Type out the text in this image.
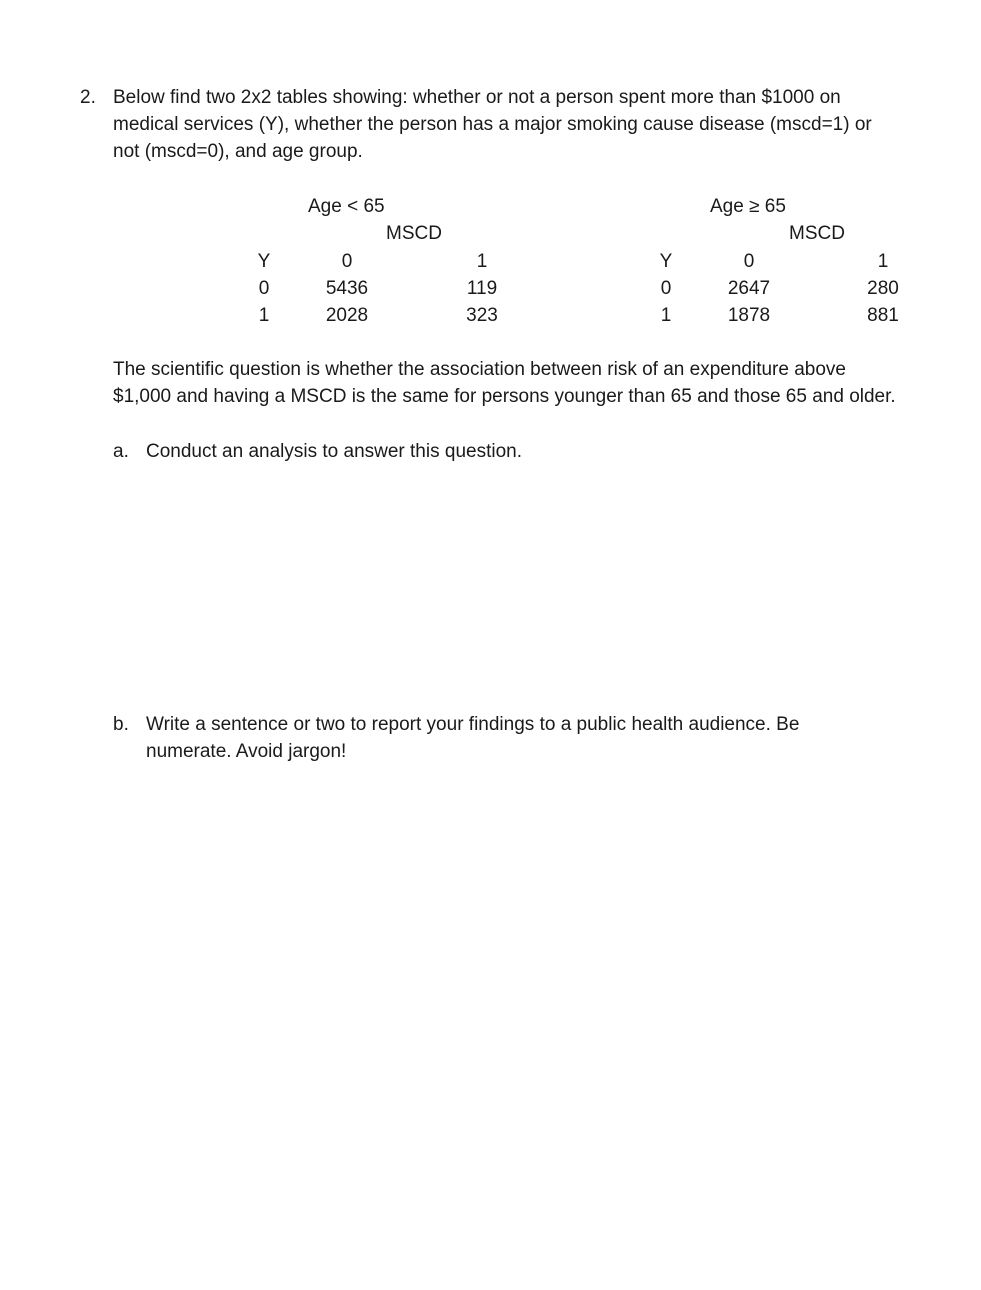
2. Below find two 2x2 tables showing: whether or not a person spent more than $1000 on
medical services (Y), whether the person has a major smoking cause disease (mscd=1) or
not (mscd=0), and age group.
Age < 65
MSCD
Y	0	1
0	5436	119
1	2028	323
Age ≥ 65
MSCD
Y	0	1
0	2647	280
1	1878	881
The scientific question is whether the association between risk of an expenditure above
$1,000 and having a MSCD is the same for persons younger than 65 and those 65 and older.
a. Conduct an analysis to answer this question.
b. Write a sentence or two to report your findings to a public health audience. Be
numerate. Avoid jargon!
